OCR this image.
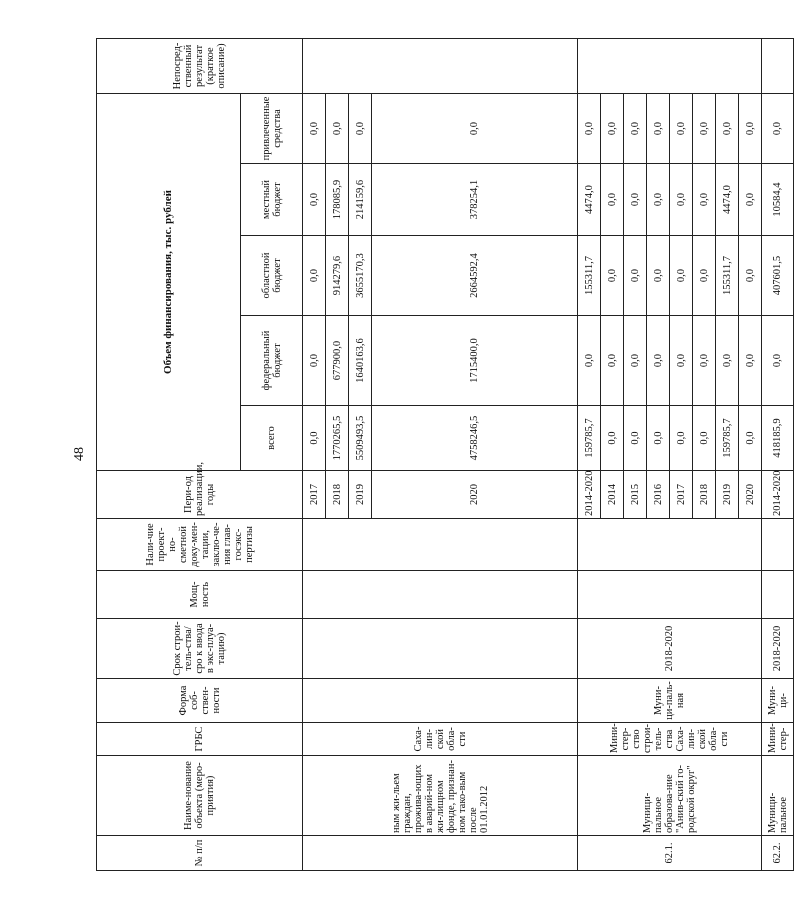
48
№ п/п	Наиме-нование объекта (меро-приятия)	ГРБС	Форма соб-ствен-ности	Срок строи-тель-ства/сро к ввода в экс-плуа-тацию)	Мощ-ность	Нали-чие проект-но-сметной доку-мен-тации, заклю-че-ния глав-госэкс-пертизы	Пери-од реализации, годы	Объем финансирования, тыс. рублей					Непосред-ственный результат (краткое описание)
								всего	федеральный бюджет	областной бюджет	местный бюджет	привлеченные средства	
	ным жи-льем граждан, прожива-ющих в аварий-ном жи-лищном фонде, признан-ном тако-вым после 01.01.2012	Саха-лин-ской обла-сти					2017	0,0	0,0	0,0	0,0	0,0	
							2018	1770265,5	677900,0	914279,6	178085,9	0,0	
							2019	5509493,5	1640163,6	3655170,3	214159,6	0,0	
							2020	4758246,5	1715400,0	2664592,4	378254,1	0,0	
62.1.	Муници-пальное образова-ние "Анив-ский го-родской округ"	Мини-стер-ство строи-тель-ства Саха-лин-ской обла-сти	Муни-ци-паль-ная	2018-2020			2014-2020	159785,7	0,0	155311,7	4474,0	0,0	
							2014	0,0	0,0	0,0	0,0	0,0	
							2015	0,0	0,0	0,0	0,0	0,0	
							2016	0,0	0,0	0,0	0,0	0,0	
							2017	0,0	0,0	0,0	0,0	0,0	
							2018	0,0	0,0	0,0	0,0	0,0	
							2019	159785,7	0,0	155311,7	4474,0	0,0	
							2020	0,0	0,0	0,0	0,0	0,0	
62.2.	Муници-пальное	Мини-стер-	Муни-ци-	2018-2020			2014-2020	418185,9	0,0	407601,5	10584,4	0,0	
